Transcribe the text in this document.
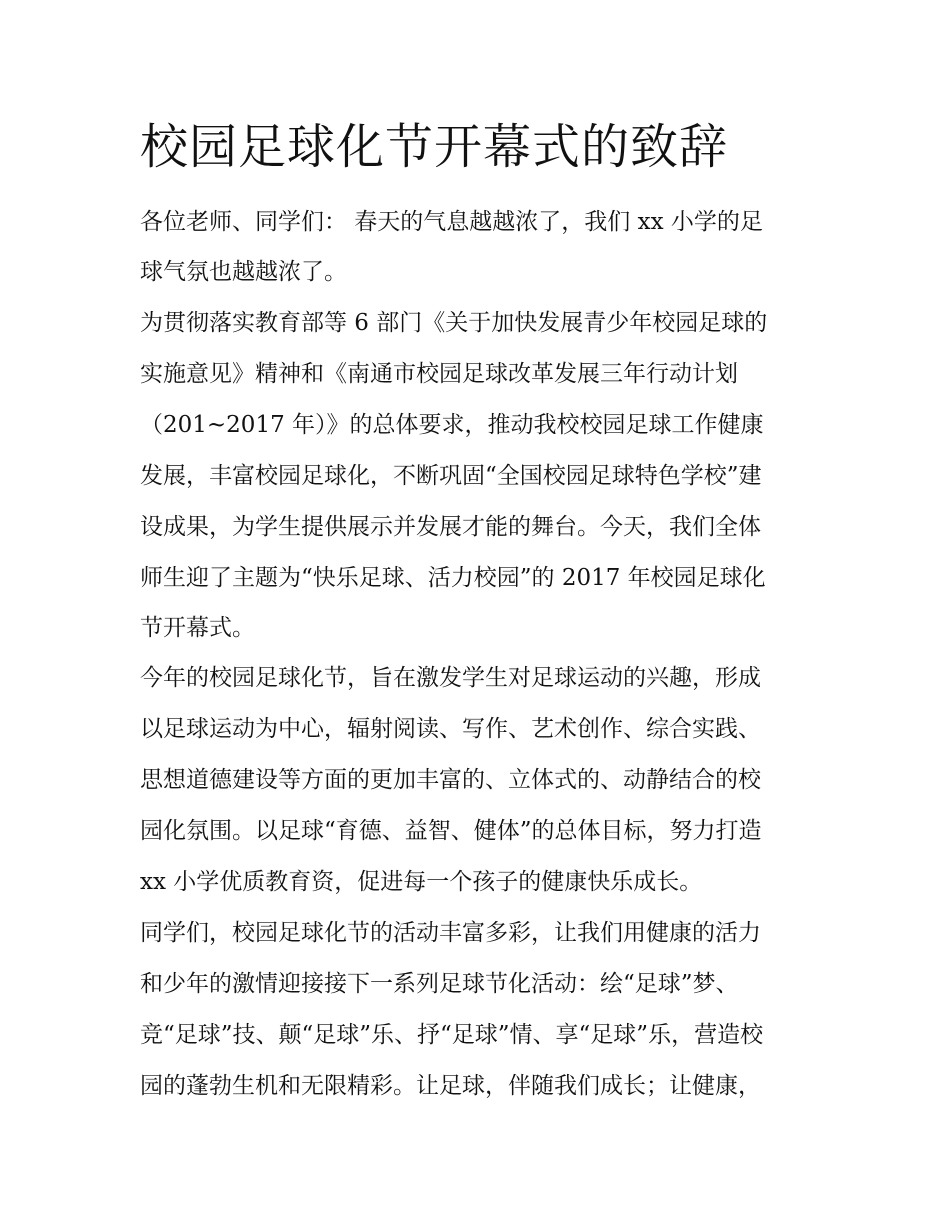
校园足球化节开幕式的致辞

各位老师、同学们： 春天的气息越越浓了，我们 xx 小学的足

球气氛也越越浓了。

为贯彻落实教育部等 6 部门《关于加快发展青少年校园足球的

实施意见》精神和《南通市校园足球改革发展三年行动计划

（201~2017 年）》的总体要求，推动我校校园足球工作健康

发展，丰富校园足球化，不断巩固“全国校园足球特色学校”建

设成果，为学生提供展示并发展才能的舞台。今天，我们全体

师生迎了主题为“快乐足球、活力校园”的 2017 年校园足球化

节开幕式。

今年的校园足球化节，旨在激发学生对足球运动的兴趣，形成

以足球运动为中心，辐射阅读、写作、艺术创作、综合实践、

思想道德建设等方面的更加丰富的、立体式的、动静结合的校

园化氛围。以足球“育德、益智、健体”的总体目标，努力打造

xx 小学优质教育资，促进每一个孩子的健康快乐成长。

同学们，校园足球化节的活动丰富多彩，让我们用健康的活力

和少年的激情迎接接下一系列足球节化活动：绘“足球”梦、

竞“足球”技、颠“足球”乐、抒“足球”情、享“足球”乐，营造校

园的蓬勃生机和无限精彩。让足球，伴随我们成长；让健康，
